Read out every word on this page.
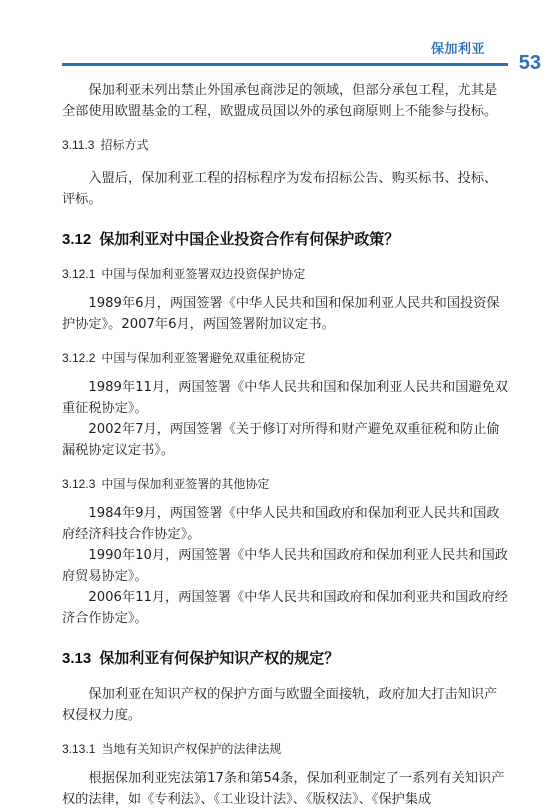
保加利亚
53

保加利亚未列出禁止外国承包商涉足的领域，但部分承包工程，尤其是全部使用欧盟基金的工程，欧盟成员国以外的承包商原则上不能参与投标。

3.11.3 招标方式

入盟后，保加利亚工程的招标程序为发布招标公告、购买标书、投标、评标。

3.12 保加利亚对中国企业投资合作有何保护政策？
3.12.1 中国与保加利亚签署双边投资保护协定

1989年6月，两国签署《中华人民共和国和保加利亚人民共和国投资保护协定》。2007年6月，两国签署附加议定书。

3.12.2 中国与保加利亚签署避免双重征税协定

1989年11月，两国签署《中华人民共和国和保加利亚人民共和国避免双重征税协定》。

2002年7月，两国签署《关于修订对所得和财产避免双重征税和防止偷漏税协定议定书》。

3.12.3 中国与保加利亚签署的其他协定

1984年9月，两国签署《中华人民共和国政府和保加利亚人民共和国政府经济科技合作协定》。

1990年10月，两国签署《中华人民共和国政府和保加利亚人民共和国政府贸易协定》。

2006年11月，两国签署《中华人民共和国政府和保加利亚共和国政府经济合作协定》。

3.13 保加利亚有何保护知识产权的规定？

保加利亚在知识产权的保护方面与欧盟全面接轨，政府加大打击知识产权侵权力度。

3.13.1 当地有关知识产权保护的法律法规

根据保加利亚宪法第17条和第54条，保加利亚制定了一系列有关知识产权的法律，如《专利法》、《工业设计法》、《版权法》、《保护集成
